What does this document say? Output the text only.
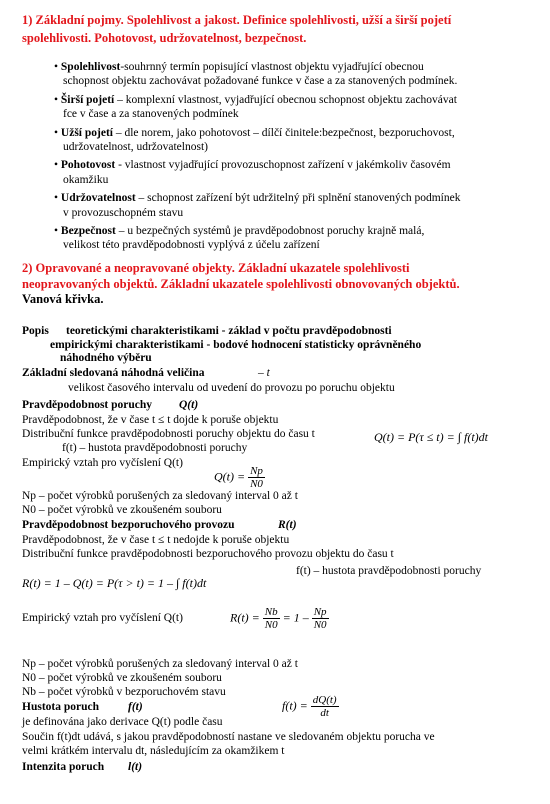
1) Základní pojmy. Spolehlivost a jakost. Definice spolehlivosti, užší a širší pojetí
spolehlivosti. Pohotovost, udržovatelnost, bezpečnost.
• Spolehlivost-souhrnný termín popisující vlastnost objektu vyjadřující obecnou
schopnost objektu zachovávat požadované funkce v čase a za stanovených podmínek.
• Širší pojetí – komplexní vlastnost, vyjadřující obecnou schopnost objektu zachovávat
fce v čase a za stanovených podmínek
• Užší pojetí – dle norem, jako pohotovost – dílčí činitele:bezpečnost, bezporuchovost,
udržovatelnost, udržovatelnost)
• Pohotovost - vlastnost vyjadřující provozuschopnost zařízení v jakémkoliv časovém
okamžiku
• Udržovatelnost – schopnost zařízení být udržitelný při splnění stanovených podmínek
v provozuschopném stavu
• Bezpečnost – u bezpečných systémů je pravděpodobnost poruchy krajně malá,
velikost této pravděpodobnosti vyplývá z účelu zařízení
2) Opravované a neopravované objekty. Základní ukazatele spolehlivosti
neopravovaných objektů. Základní ukazatele spolehlivosti obnovovaných objektů.
Vanová křivka.
Popis teoretickými charakteristikami - základ v počtu pravděpodobnosti
empirickými charakteristikami - bodové hodnocení statisticky oprávněného
náhodného výběru
Základní sledovaná náhodná veličina	– t
velikost časového intervalu od uvedení do provozu po poruchu objektu
Pravděpodobnost poruchy Q(t)
Pravděpodobnost, že v čase t ≤ t dojde k poruše objektu
Distribuční funkce pravděpodobnosti poruchy objektu do času t
f(t) – hustota pravděpodobnosti poruchy
Empirický vztah pro vyčíslení Q(t)
Q(t) = P(τ ≤ t) = ∫ f(t)dt
$Q(t) = \frac{Np}{N0}$
Np – počet výrobků porušených za sledovaný interval 0 až t
N0 – počet výrobků ve zkoušeném souboru
Pravděpodobnost bezporuchového provozu	R(t)
Pravděpodobnost, že v čase t ≤ t nedojde k poruše objektu
Distribuční funkce pravděpodobnosti bezporuchového provozu objektu do času t
f(t) – hustota pravděpodobnosti poruchy
R(t) = 1 – Q(t) = P(τ > t) = 1 – ∫ f(t)dt
Empirický vztah pro vyčíslení Q(t)	$R(t) = \frac{Nb}{N0} = 1 - \frac{Np}{N0}$
Np – počet výrobků porušených za sledovaný interval 0 až t
N0 – počet výrobků ve zkoušeném souboru
Nb – počet výrobků v bezporuchovém stavu
Hustota poruch	f(t)
je definována jako derivace Q(t) podle času
$f(t) = \frac{dQ(t)}{dt}$
Součin f(t)dt udává, s jakou pravděpodobností nastane ve sledovaném objektu porucha ve
velmi krátkém intervalu dt, následujícím za okamžikem t
Intenzita poruch l(t)
